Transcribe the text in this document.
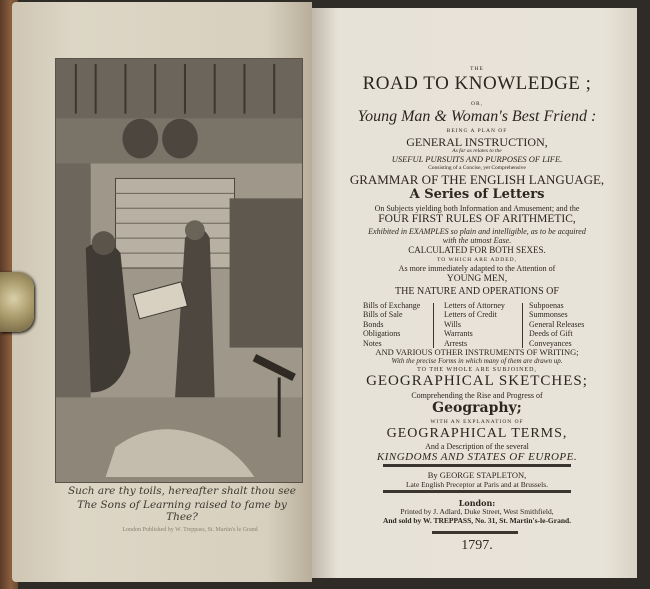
Such are thy toils, hereafter shalt thou see
The Sons of Learning raised to fame by Thee?
London Published by W. Treppass, St. Martin's le Grand
THE
ROAD TO KNOWLEDGE ;
OR,
Young Man & Woman's Best Friend :
BEING A PLAN OF
GENERAL INSTRUCTION,
As far as relates to the
USEFUL PURSUITS AND PURPOSES OF LIFE.
Consisting of a Concise, yet Comprehensive
GRAMMAR OF THE ENGLISH LANGUAGE,
A Series of Letters
On Subjects yielding both Information and Amusement; and the
FOUR FIRST RULES OF ARITHMETIC,
Exhibited in EXAMPLES so plain and intelligible, as to be acquired
with the utmost Ease.
CALCULATED FOR BOTH SEXES.
TO WHICH ARE ADDED,
As more immediately adapted to the Attention of
YOUNG MEN,
THE NATURE AND OPERATIONS OF
Bills of Exchange
Bills of Sale
Bonds
Obligations
Notes
Letters of Attorney
Letters of Credit
Wills
Warrants
Arrests
Subpoenas
Summonses
General Releases
Deeds of Gift
Conveyances
AND VARIOUS OTHER INSTRUMENTS OF WRITING;
With the precise Forms in which many of them are drawn up.
TO THE WHOLE ARE SUBJOINED,
GEOGRAPHICAL SKETCHES;
Comprehending the Rise and Progress of
Geography;
WITH AN EXPLANATION OF
GEOGRAPHICAL TERMS,
And a Description of the several
KINGDOMS AND STATES OF EUROPE.
By GEORGE STAPLETON,
Late English Preceptor at Paris and at Brussels.
London:
Printed by J. Adlard, Duke Street, West Smithfield,
And sold by W. TREPPASS, No. 31, St. Martin's-le-Grand.
1797.
